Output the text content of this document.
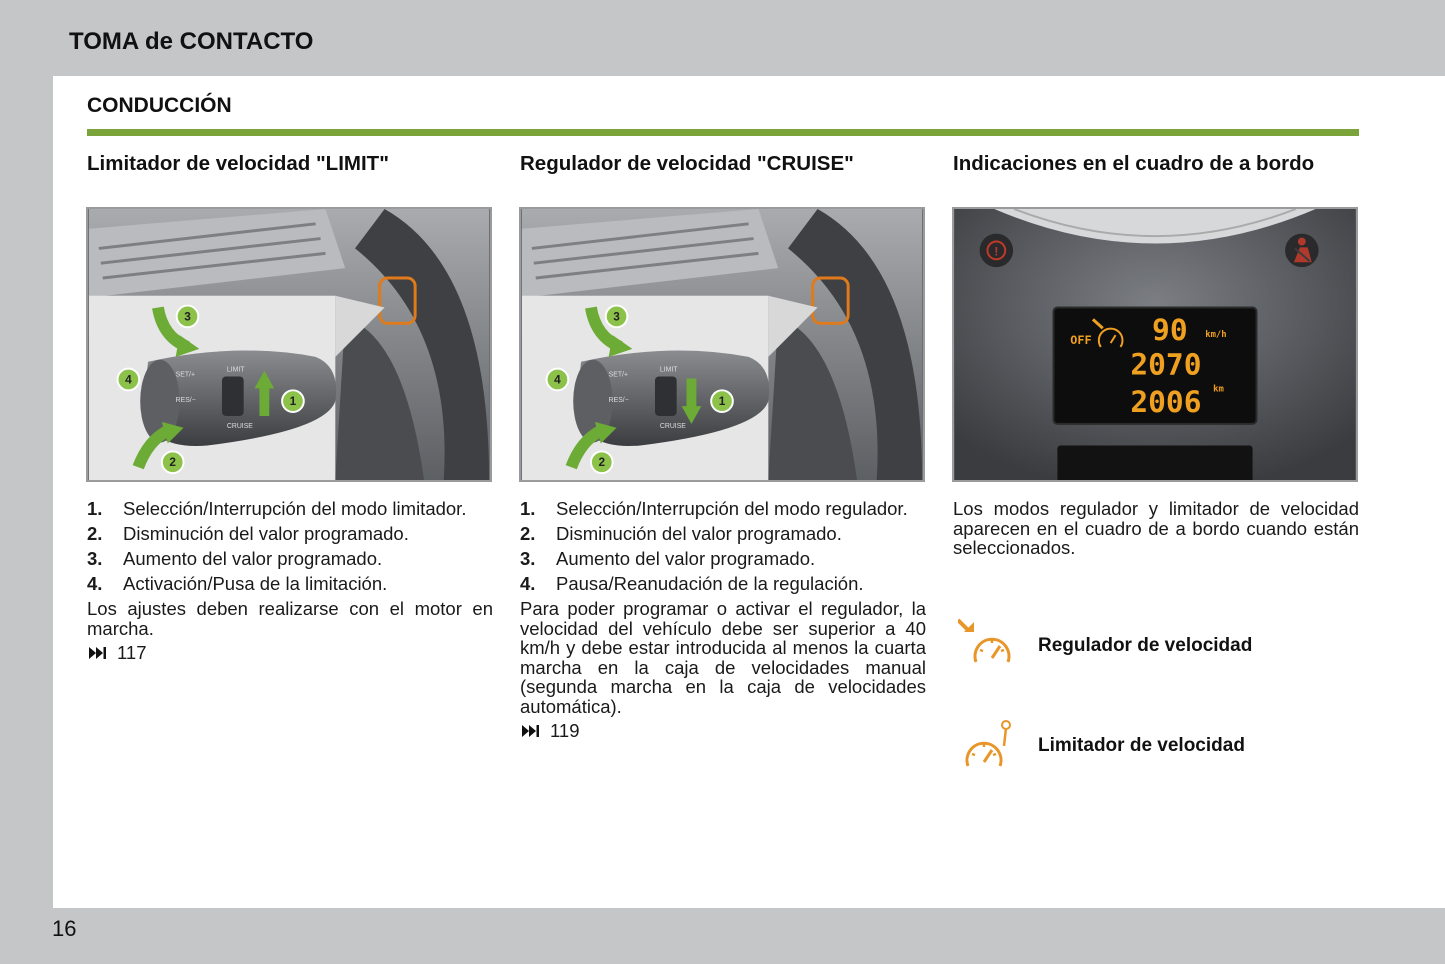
TOMA de CONTACTO
CONDUCCIÓN
Limitador de velocidad "LIMIT"
SET/+
LIMIT
RES/−
CRUISE
3
4
1
2
1.	Selección/Interrupción del modo limitador.
2.	Disminución del valor programado.
3.	Aumento del valor programado.
4.	Activación/Pusa de la limitación.
Los ajustes deben realizarse con el motor en marcha.
117
Regulador de velocidad "CRUISE"
SET/+
LIMIT
RES/−
CRUISE
3
4
1
2
1.	Selección/Interrupción del modo regulador.
2.	Disminución del valor programado.
3.	Aumento del valor programado.
4.	Pausa/Reanudación de la regulación.
Para poder programar o activar el regulador, la velocidad del vehículo debe ser superior a 40 km/h y debe estar introducida al menos la cuarta marcha en la caja de velocidades manual (segunda marcha en la caja de velocidades automática).
119
Indicaciones en el cuadro de a bordo
!
OFF 90 km/h
2070
2006 km
Los modos regulador y limitador de velocidad aparecen en el cuadro de a bordo cuando están seleccionados.
Regulador de velocidad
Limitador de velocidad
16
